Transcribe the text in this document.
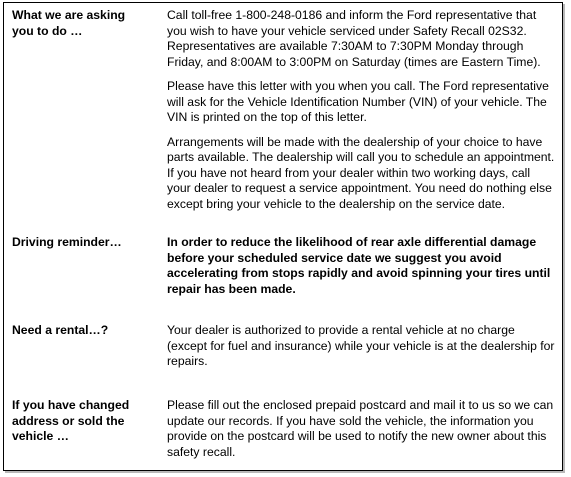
What we are asking
you to do …

Call toll-free 1-800-248-0186 and inform the Ford representative that you wish to have your vehicle serviced under Safety Recall 02S32. Representatives are available 7:30AM to 7:30PM Monday through Friday, and 8:00AM to 3:00PM on Saturday (times are Eastern Time).

Please have this letter with you when you call. The Ford representative will ask for the Vehicle Identification Number (VIN) of your vehicle. The VIN is printed on the top of this letter.

Arrangements will be made with the dealership of your choice to have parts available. The dealership will call you to schedule an appointment. If you have not heard from your dealer within two working days, call your dealer to request a service appointment. You need do nothing else except bring your vehicle to the dealership on the service date.

Driving reminder…	In order to reduce the likelihood of rear axle differential damage before your scheduled service date we suggest you avoid accelerating from stops rapidly and avoid spinning your tires until repair has been made.

Need a rental…?	Your dealer is authorized to provide a rental vehicle at no charge (except for fuel and insurance) while your vehicle is at the dealership for repairs.

If you have changed
address or sold the
vehicle …

Please fill out the enclosed prepaid postcard and mail it to us so we can update our records. If you have sold the vehicle, the information you provide on the postcard will be used to notify the new owner about this safety recall.
